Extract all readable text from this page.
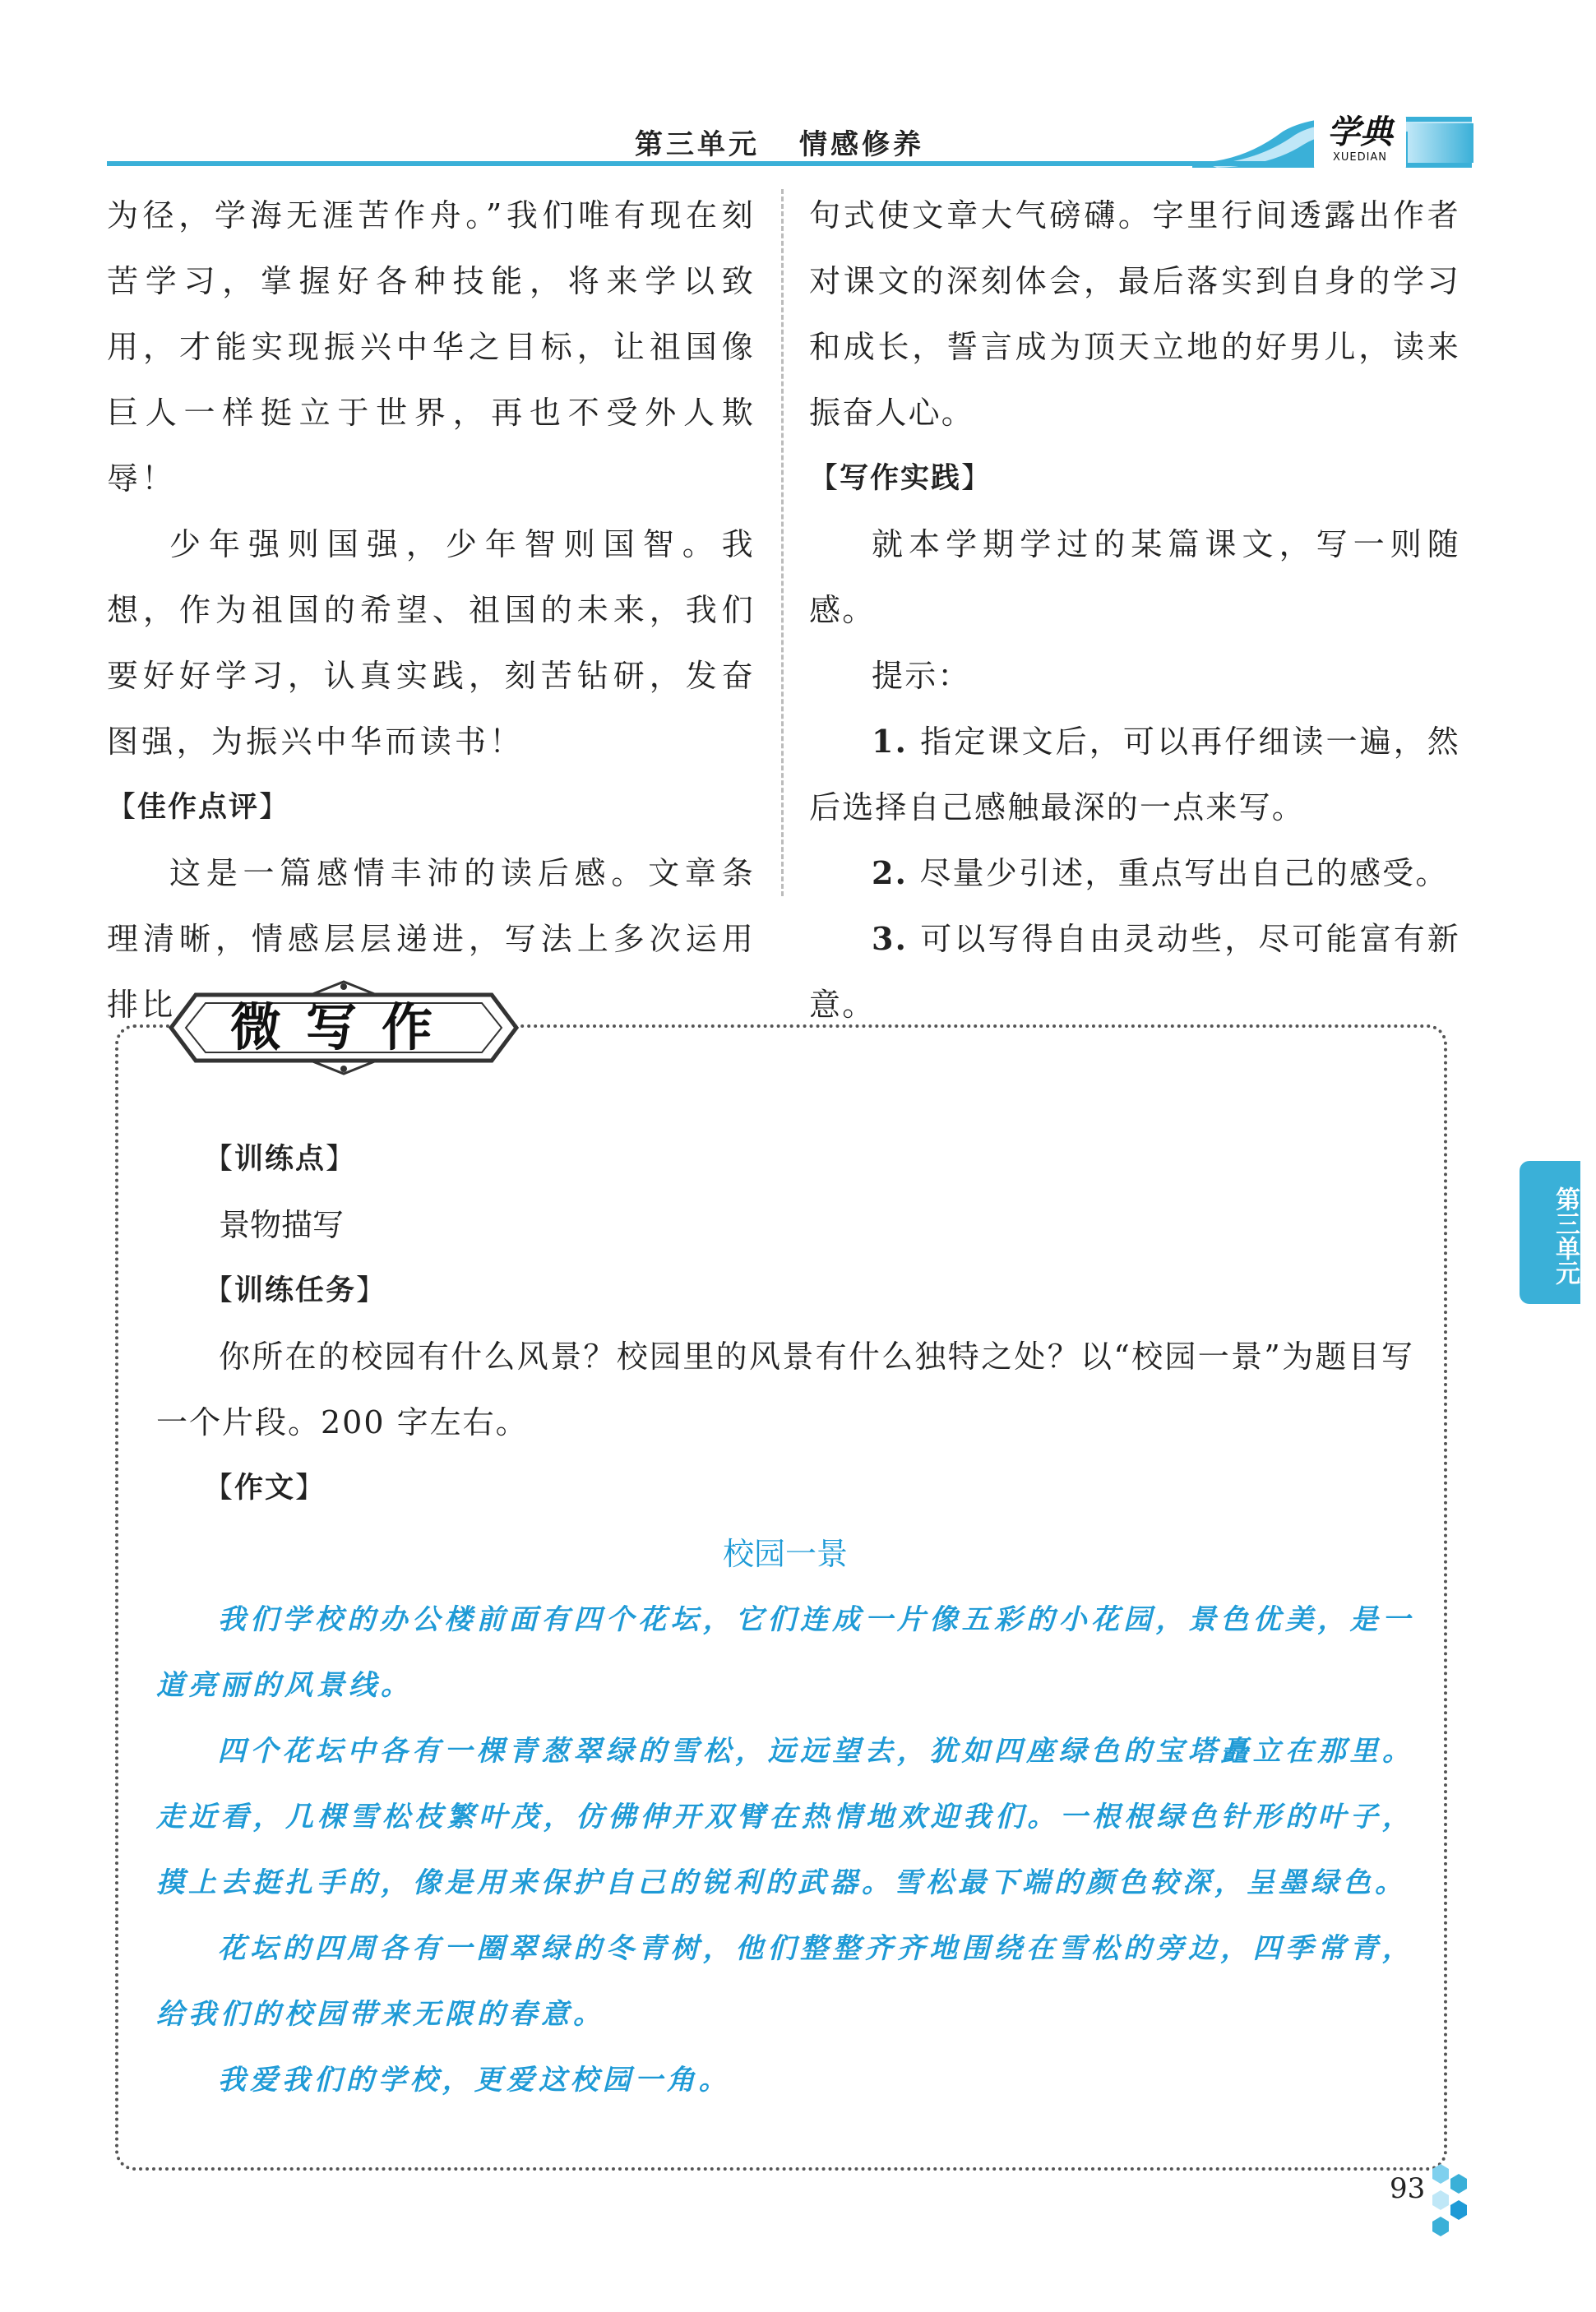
第三单元 情感修养	学典
XUEDIAN

为径，学海无涯苦作舟。”我们唯有现在刻苦学习，掌握好各种技能，将来学以致用，才能实现振兴中华之目标，让祖国像巨人一样挺立于世界，再也不受外人欺辱！

少年强则国强，少年智则国智。我想，作为祖国的希望、祖国的未来，我们要好好学习，认真实践，刻苦钻研，发奋图强，为振兴中华而读书！

【佳作点评】

这是一篇感情丰沛的读后感。文章条理清晰，情感层层递进，写法上多次运用排比

句式使文章大气磅礴。字里行间透露出作者对课文的深刻体会，最后落实到自身的学习和成长，誓言成为顶天立地的好男儿，读来振奋人心。

【写作实践】

就本学期学过的某篇课文，写一则随感。

提示：

1. 指定课文后，可以再仔细读一遍，然后选择自己感触最深的一点来写。

2. 尽量少引述，重点写出自己的感受。

3. 可以写得自由灵动些，尽可能富有新意。

微写作

【训练点】

景物描写

【训练任务】

你所在的校园有什么风景？校园里的风景有什么独特之处？以“校园一景”为题目写一个片段。200 字左右。

【作文】

校园一景

我们学校的办公楼前面有四个花坛，它们连成一片像五彩的小花园，景色优美，是一道亮丽的风景线。

四个花坛中各有一棵青葱翠绿的雪松，远远望去，犹如四座绿色的宝塔矗立在那里。走近看，几棵雪松枝繁叶茂，仿佛伸开双臂在热情地欢迎我们。一根根绿色针形的叶子，摸上去挺扎手的，像是用来保护自己的锐利的武器。雪松最下端的颜色较深，呈墨绿色。

花坛的四周各有一圈翠绿的冬青树，他们整整齐齐地围绕在雪松的旁边，四季常青，给我们的校园带来无限的春意。

我爱我们的学校，更爱这校园一角。

第三单元
93
